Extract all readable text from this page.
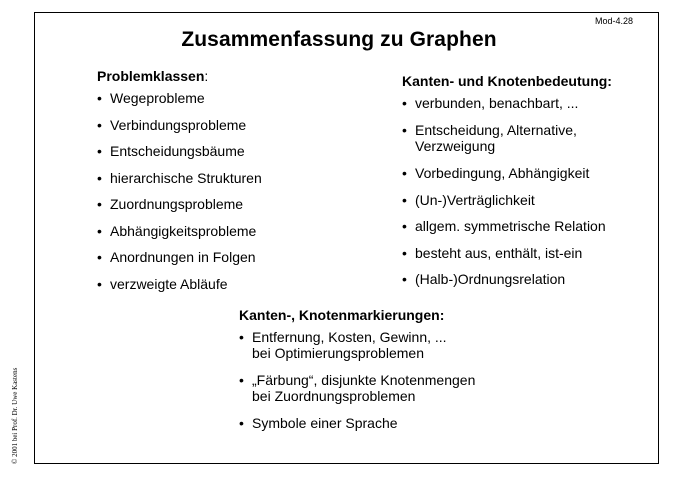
Mod-4.28
Zusammenfassung zu Graphen
Problemklassen:
• Wegeprobleme
• Verbindungsprobleme
• Entscheidungsbäume
• hierarchische Strukturen
• Zuordnungsprobleme
• Abhängigkeitsprobleme
• Anordnungen in Folgen
• verzweigte Abläufe
Kanten- und Knotenbedeutung:
• verbunden, benachbart, ...
• Entscheidung, Alternative,
Verzweigung
• Vorbedingung, Abhängigkeit
• (Un-)Verträglichkeit
• allgem. symmetrische Relation
• besteht aus, enthält, ist-ein
• (Halb-)Ordnungsrelation
Kanten-, Knotenmarkierungen:
• Entfernung, Kosten, Gewinn, ...
bei Optimierungsproblemen
• „Färbung“, disjunkte Knotenmengen
bei Zuordnungsproblemen
• Symbole einer Sprache
© 2001 bei Prof. Dr. Uwe Kastens
